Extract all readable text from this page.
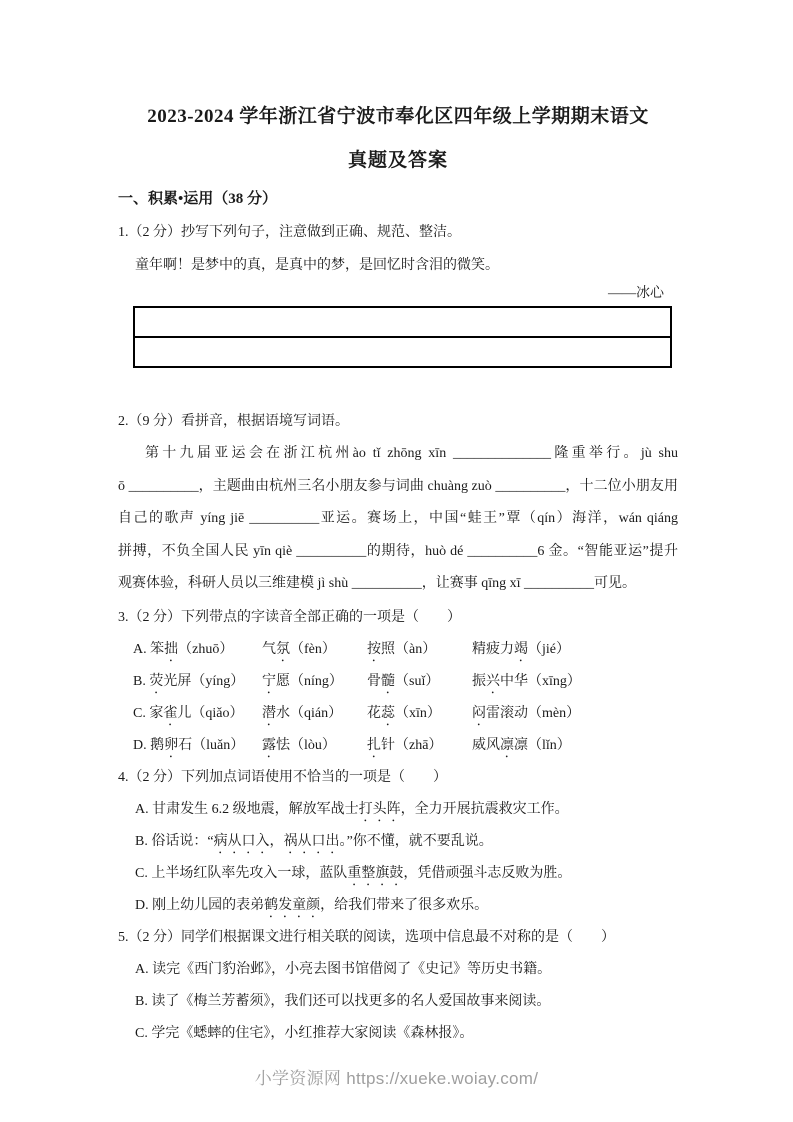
2023-2024 学年浙江省宁波市奉化区四年级上学期期末语文
真题及答案
一、积累•运用（38 分）
1.（2 分）抄写下列句子，注意做到正确、规范、整洁。
童年啊！是梦中的真，是真中的梦，是回忆时含泪的微笑。
——冰心
2.（9 分）看拼音，根据语境写词语。
第十九届亚运会在浙江杭州ào tǐ zhōng xīn ______________隆重举行。jù shu
ō __________，主题曲由杭州三名小朋友参与词曲 chuàng zuò __________，十二位小朋友用
自己的歌声 yíng jiē __________亚运。赛场上，中国“蛙王”覃（qín）海洋，wán qiáng
拼搏，不负全国人民 yīn qiè __________的期待，huò dé __________6 金。“智能亚运”提升
观赛体验，科研人员以三维建模 jì shù __________，让赛事 qīng xī __________可见。
3.（2 分）下列带点的字读音全部正确的一项是（　　）
A. 笨拙（zhuō）	气氛（fèn）	按照（àn）	精疲力竭（jié）
B. 荧光屏（yíng）	宁愿（níng）	骨髓（suǐ）	振兴中华（xīng）
C. 家雀儿（qiǎo）	潜水（qián）	花蕊（xīn）	闷雷滚动（mèn）
D. 鹅卵石（luǎn）	露怯（lòu）	扎针（zhā）	威风凛凛（lǐn）
4.（2 分）下列加点词语使用不恰当的一项是（　　）
A. 甘肃发生 6.2 级地震，解放军战士打头阵，全力开展抗震救灾工作。
B. 俗话说：“病从口入，祸从口出。”你不懂，就不要乱说。
C. 上半场红队率先攻入一球，蓝队重整旗鼓，凭借顽强斗志反败为胜。
D. 刚上幼儿园的表弟鹤发童颜，给我们带来了很多欢乐。
5.（2 分）同学们根据课文进行相关联的阅读，选项中信息最不对称的是（　　）
A. 读完《西门豹治邺》，小亮去图书馆借阅了《史记》等历史书籍。
B. 读了《梅兰芳蓄须》，我们还可以找更多的名人爱国故事来阅读。
C. 学完《蟋蟀的住宅》，小红推荐大家阅读《森林报》。
小学资源网 https://xueke.woiay.com/
